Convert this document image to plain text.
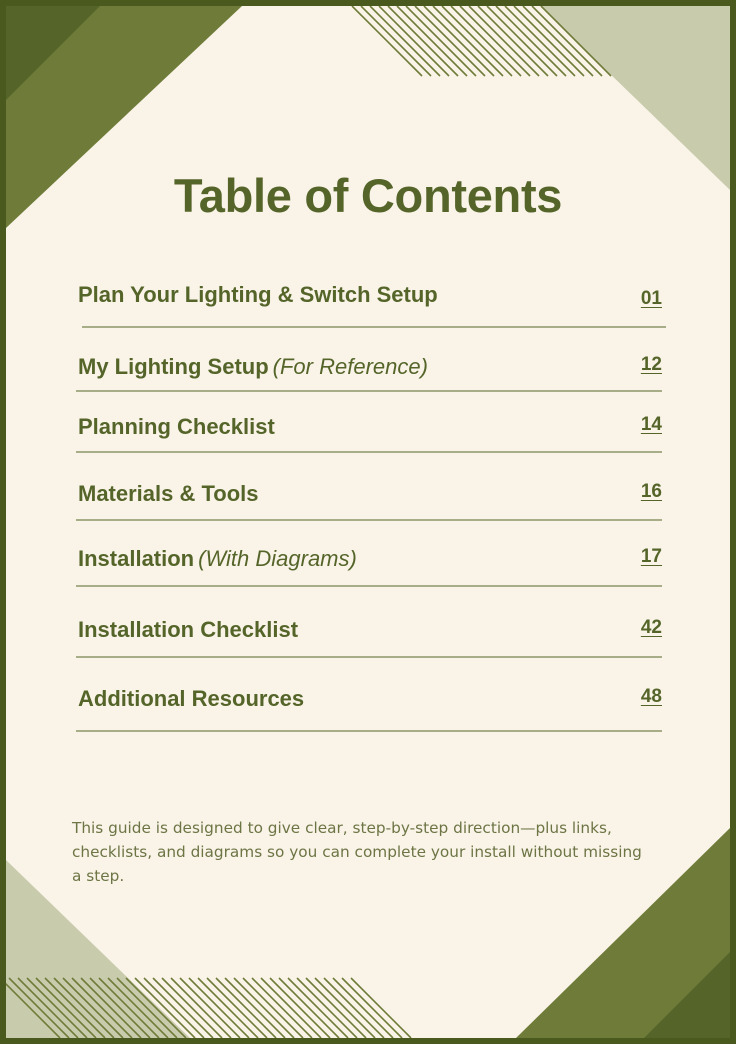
Table of Contents
Plan Your Lighting & Switch Setup	01
My Lighting Setup (For Reference)	12
Planning Checklist	14
Materials & Tools	16
Installation (With Diagrams)	17
Installation Checklist	42
Additional Resources	48
This guide is designed to give clear, step-by-step direction—plus links, checklists, and diagrams so you can complete your install without missing a step.
